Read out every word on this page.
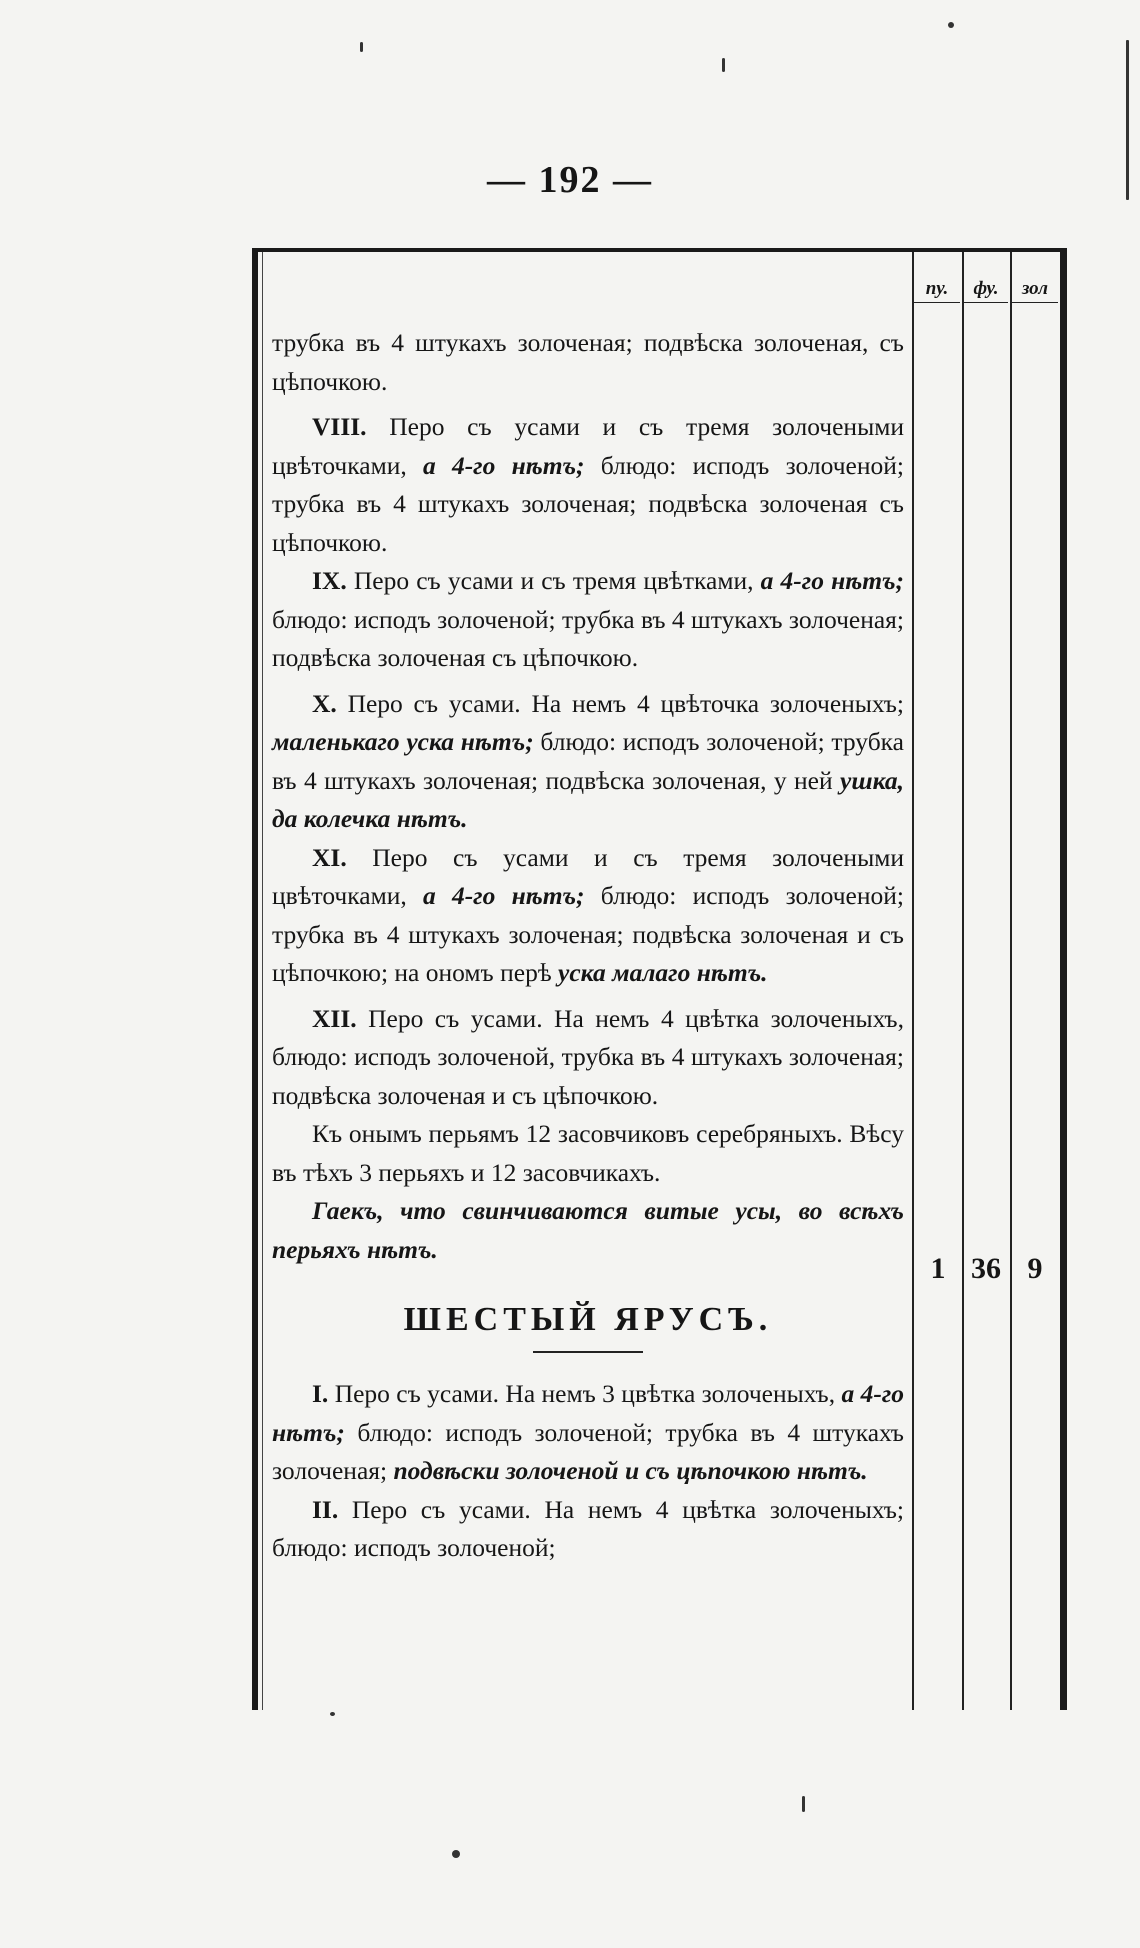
— 192 —
пу.	фу.	зол

трубка въ 4 штукахъ золоченая; подвѣска золоченая, съ цѣпочкою.

VIII. Перо съ усами и съ тремя золочеными цвѣточками, а 4-го нѣтъ; блюдо: исподъ золоченой; трубка въ 4 штукахъ золоченая; подвѣска золоченая съ цѣпочкою.

IX. Перо съ усами и съ тремя цвѣтками, а 4-го нѣтъ; блюдо: исподъ золоченой; трубка въ 4 штукахъ золоченая; подвѣска золоченая съ цѣпочкою.

X. Перо съ усами. На немъ 4 цвѣточка золоченыхъ; маленькаго уска нѣтъ; блюдо: исподъ золоченой; трубка въ 4 штукахъ золоченая; подвѣска золоченая, у ней ушка, да колечка нѣтъ.

XI. Перо съ усами и съ тремя золочеными цвѣточками, а 4-го нѣтъ; блюдо: исподъ золоченой; трубка въ 4 штукахъ золоченая; подвѣска золоченая и съ цѣпочкою; на ономъ перѣ уска малаго нѣтъ.

XII. Перо съ усами. На немъ 4 цвѣтка золоченыхъ, блюдо: исподъ золоченой, трубка въ 4 штукахъ золоченая; подвѣска золоченая и съ цѣпочкою.

Къ онымъ перьямъ 12 засовчиковъ серебряныхъ. Вѣсу въ тѣхъ 3 перьяхъ и 12 засовчикахъ.

Гаекъ, что свинчиваются витые усы, во всѣхъ перьяхъ нѣтъ.

ШЕСТЫЙ ЯРУСЪ.

I. Перо съ усами. На немъ 3 цвѣтка золоченыхъ, а 4-го нѣтъ; блюдо: исподъ золоченой; трубка въ 4 штукахъ золоченая; подвѣски золоченой и съ цѣпочкою нѣтъ.

II. Перо съ усами. На немъ 4 цвѣтка золоченыхъ; блюдо: исподъ золоченой;

1 36 9
